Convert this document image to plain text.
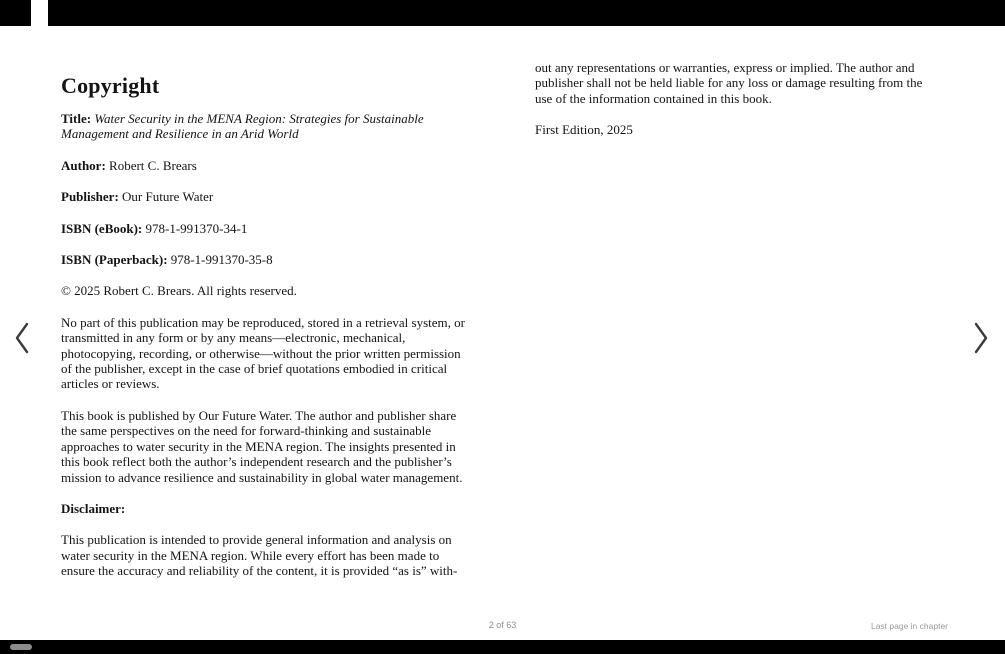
Copyright

Title: Water Security in the MENA Region: Strategies for Sustainable Management and Resilience in an Arid World

Author: Robert C. Brears

Publisher: Our Future Water

ISBN (eBook): 978-1-991370-34-1

ISBN (Paperback): 978-1-991370-35-8

© 2025 Robert C. Brears. All rights reserved.

No part of this publication may be reproduced, stored in a retrieval system, or transmitted in any form or by any means—electronic, mechanical, photocopying, recording, or otherwise—without the prior written permission of the publisher, except in the case of brief quotations embodied in critical articles or reviews.

This book is published by Our Future Water. The author and publisher share the same perspectives on the need for forward-thinking and sustainable approaches to water security in the MENA region. The insights presented in this book reflect both the author’s independent research and the publisher’s mission to advance resilience and sustainability in global water management.

Disclaimer:

This publication is intended to provide general information and analysis on water security in the MENA region. While every effort has been made to ensure the accuracy and reliability of the content, it is provided “as is” with-

out any representations or warranties, express or implied. The author and publisher shall not be held liable for any loss or damage resulting from the use of the information contained in this book.

First Edition, 2025

2 of 63	Last page in chapter
